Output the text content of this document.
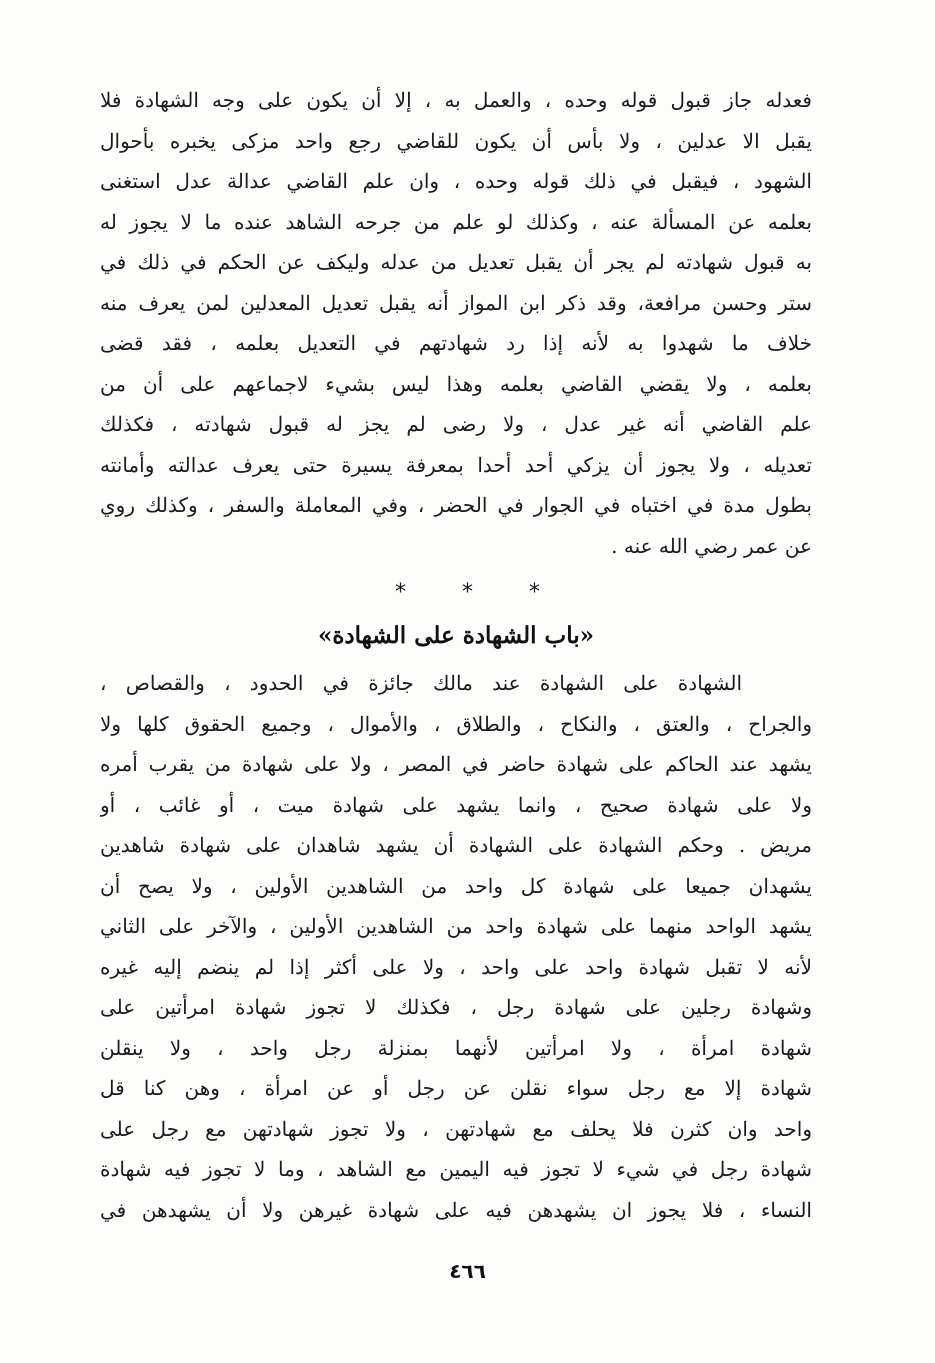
فعدله جاز قبول قوله وحده ، والعمل به ، إلا أن يكون على وجه الشهادة فلا
يقبل الا عدلين ، ولا بأس أن يكون للقاضي رجع واحد مزكى يخبره بأحوال
الشهود ، فيقبل في ذلك قوله وحده ، وان علم القاضي عدالة عدل استغنى
بعلمه عن المسألة عنه ، وكذلك لو علم من جرحه الشاهد عنده ما لا يجوز له
به قبول شهادته لم يجر أن يقبل تعديل من عدله وليكف عن الحكم في ذلك في
ستر وحسن مرافعة، وقد ذكر ابن المواز أنه يقبل تعديل المعدلين لمن يعرف منه
خلاف ما شهدوا به لأنه إذا رد شهادتهم في التعديل بعلمه ، فقد قضى
بعلمه ، ولا يقضي القاضي بعلمه وهذا ليس بشيء لاجماعهم على أن من
علم القاضي أنه غير عدل ، ولا رضى لم يجز له قبول شهادته ، فكذلك
تعديله ، ولا يجوز أن يزكي أحد أحدا بمعرفة يسيرة حتى يعرف عدالته وأمانته
بطول مدة في اختباه في الجوار في الحضر ، وفي المعاملة والسفر ، وكذلك روي
عن عمر رضي الله عنه .
*	*	*
«باب الشهادة على الشهادة»
الشهادة على الشهادة عند مالك جائزة في الحدود ، والقصاص ،
والجراح ، والعتق ، والنكاح ، والطلاق ، والأموال ، وجميع الحقوق كلها ولا
يشهد عند الحاكم على شهادة حاضر في المصر ، ولا على شهادة من يقرب أمره
ولا على شهادة صحيح ، وانما يشهد على شهادة ميت ، أو غائب ، أو
مريض . وحكم الشهادة على الشهادة أن يشهد شاهدان على شهادة شاهدين
يشهدان جميعا على شهادة كل واحد من الشاهدين الأولين ، ولا يصح أن
يشهد الواحد منهما على شهادة واحد من الشاهدين الأولين ، والآخر على الثاني
لأنه لا تقبل شهادة واحد على واحد ، ولا على أكثر إذا لم ينضم إليه غيره
وشهادة رجلين على شهادة رجل ، فكذلك لا تجوز شهادة امرأتين على
شهادة امرأة ، ولا امرأتين لأنهما بمنزلة رجل واحد ، ولا ينقلن
شهادة إلا مع رجل سواء نقلن عن رجل أو عن امرأة ، وهن كنا قل
واحد وان كثرن فلا يحلف مع شهادتهن ، ولا تجوز شهادتهن مع رجل على
شهادة رجل في شيء لا تجوز فيه اليمين مع الشاهد ، وما لا تجوز فيه شهادة
النساء ، فلا يجوز ان يشهدهن فيه على شهادة غيرهن ولا أن يشهدهن في
٤٦٦
